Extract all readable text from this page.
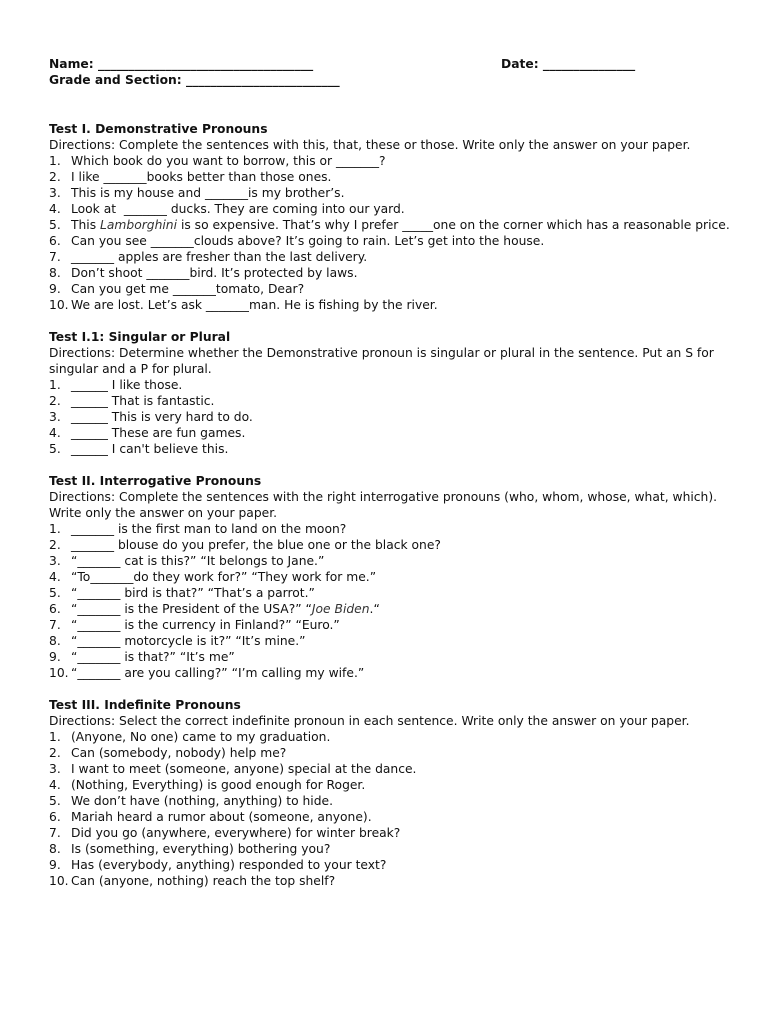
Name: ___________________________________	Date: _______________
Grade and Section: _________________________
Test I. Demonstrative Pronouns
Directions: Complete the sentences with this, that, these or those. Write only the answer on your paper.
1. Which book do you want to borrow, this or _______?
2. I like _______books better than those ones.
3. This is my house and _______is my brother’s.
4. Look at  _______ ducks. They are coming into our yard.
5. This Lamborghini is so expensive. That’s why I prefer _____one on the corner which has a reasonable price.
6. Can you see _______clouds above? It’s going to rain. Let’s get into the house.
7. _______ apples are fresher than the last delivery.
8. Don’t shoot _______bird. It’s protected by laws.
9. Can you get me _______tomato, Dear?
10. We are lost. Let’s ask _______man. He is fishing by the river.
Test I.1: Singular or Plural
Directions: Determine whether the Demonstrative pronoun is singular or plural in the sentence. Put an S for singular and a P for plural.
1. ______ I like those.
2. ______ That is fantastic.
3. ______ This is very hard to do.
4. ______ These are fun games.
5. ______ I can't believe this.
Test II. Interrogative Pronouns
Directions: Complete the sentences with the right interrogative pronouns (who, whom, whose, what, which). Write only the answer on your paper.
1. _______ is the first man to land on the moon?
2. _______ blouse do you prefer, the blue one or the black one?
3. “_______ cat is this?” “It belongs to Jane.”
4. “To_______do they work for?” “They work for me.”
5. “_______ bird is that?” “That’s a parrot.”
6. “_______ is the President of the USA?” “Joe Biden.“
7. “_______ is the currency in Finland?” “Euro.”
8. “_______ motorcycle is it?” “It’s mine.”
9. “_______ is that?” “It’s me”
10. “_______ are you calling?” “I’m calling my wife.”
Test III. Indefinite Pronouns
Directions: Select the correct indefinite pronoun in each sentence. Write only the answer on your paper.
1. (Anyone, No one) came to my graduation.
2. Can (somebody, nobody) help me?
3. I want to meet (someone, anyone) special at the dance.
4. (Nothing, Everything) is good enough for Roger.
5. We don’t have (nothing, anything) to hide.
6. Mariah heard a rumor about (someone, anyone).
7. Did you go (anywhere, everywhere) for winter break?
8. Is (something, everything) bothering you?
9. Has (everybody, anything) responded to your text?
10. Can (anyone, nothing) reach the top shelf?
